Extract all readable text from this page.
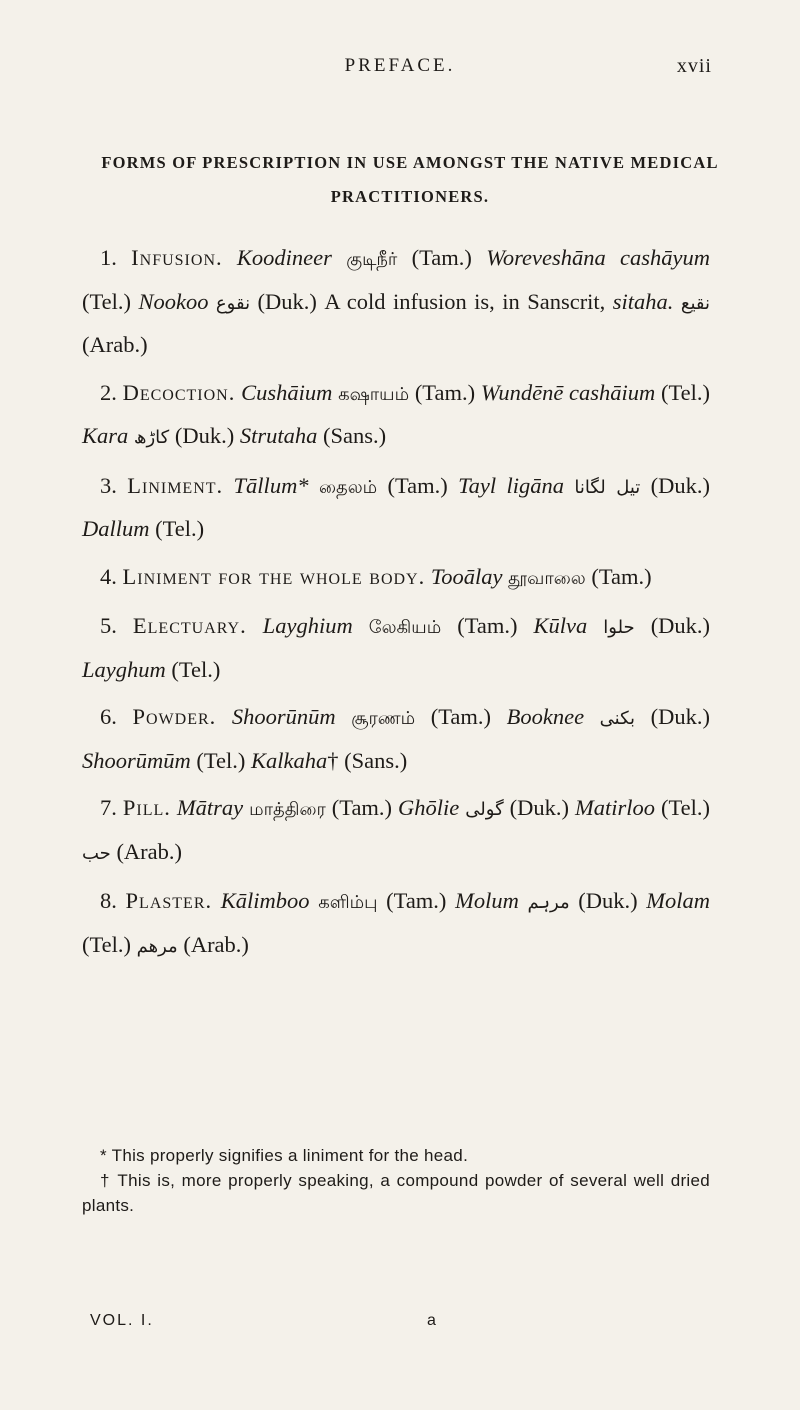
PREFACE.	xvii
FORMS OF PRESCRIPTION IN USE AMONGST THE NATIVE MEDICAL PRACTITIONERS.

1. Infusion. Koodineer குடிநீர் (Tam.) Woreveshāna cashāyum (Tel.) Nookoo نقوع (Duk.) A cold infusion is, in Sanscrit, sitaha. نقيع (Arab.)

2. Decoction. Cushāium கஷாயம் (Tam.) Wundēnē cashāium (Tel.) Kara کاڑھ (Duk.) Strutaha (Sans.)

3. Liniment. Tāllum* தைலம் (Tam.) Tayl ligāna تیل لگانا (Duk.) Dallum (Tel.)

4. Liniment for the whole body. Tooālay தூவாலை (Tam.)

5. Electuary. Layghium லேகியம் (Tam.) Kūlva حلوا (Duk.) Layghum (Tel.)

6. Powder. Shoorūnūm சூரணம் (Tam.) Booknee بکنی (Duk.) Shoorūmūm (Tel.) Kalkaha† (Sans.)

7. Pill. Mātray மாத்திரை (Tam.) Ghōlie گولی (Duk.) Matirloo (Tel.) حب (Arab.)

8. Plaster. Kālimboo களிம்பு (Tam.) Molum مرہم (Duk.) Molam (Tel.) مرهم (Arab.)

* This properly signifies a liniment for the head.

† This is, more properly speaking, a compound powder of several well dried plants.

VOL. I.	a
